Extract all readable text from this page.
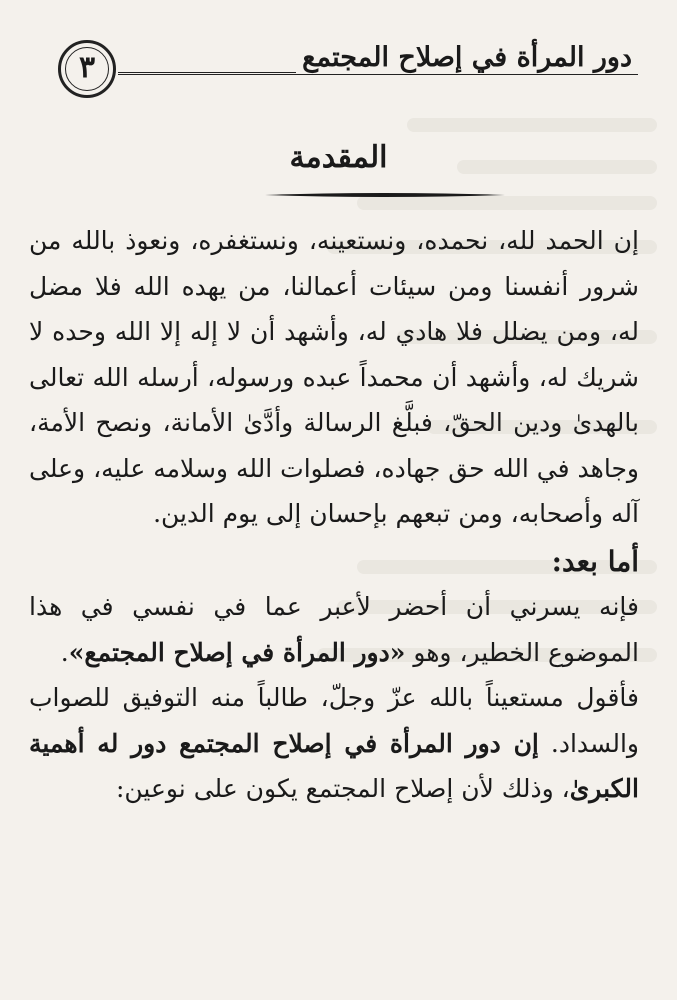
دور المرأة في إصلاح المجتمع
٣
المقدمة

إن الحمد لله، نحمده، ونستعينه، ونستغفره، ونعوذ بالله من شرور أنفسنا ومن سيئات أعمالنا، من يهده الله فلا مضل له، ومن يضلل فلا هادي له، وأشهد أن لا إله إلا الله وحده لا شريك له، وأشهد أن محمداً عبده ورسوله، أرسله الله تعالى بالهدىٰ ودين الحقّ، فبلَّغ الرسالة وأدَّىٰ الأمانة، ونصح الأمة، وجاهد في الله حق جهاده، فصلوات الله وسلامه عليه، وعلى آله وأصحابه، ومن تبعهم بإحسان إلى يوم الدين.

أما بعد:

فإنه يسرني أن أحضر لأعبر عما في نفسي في هذا الموضوع الخطير، وهو «دور المرأة في إصلاح المجتمع».

فأقول مستعيناً بالله عزّ وجلّ، طالباً منه التوفيق للصواب والسداد. إن دور المرأة في إصلاح المجتمع دور له أهمية الكبرىٰ، وذلك لأن إصلاح المجتمع يكون على نوعين:
